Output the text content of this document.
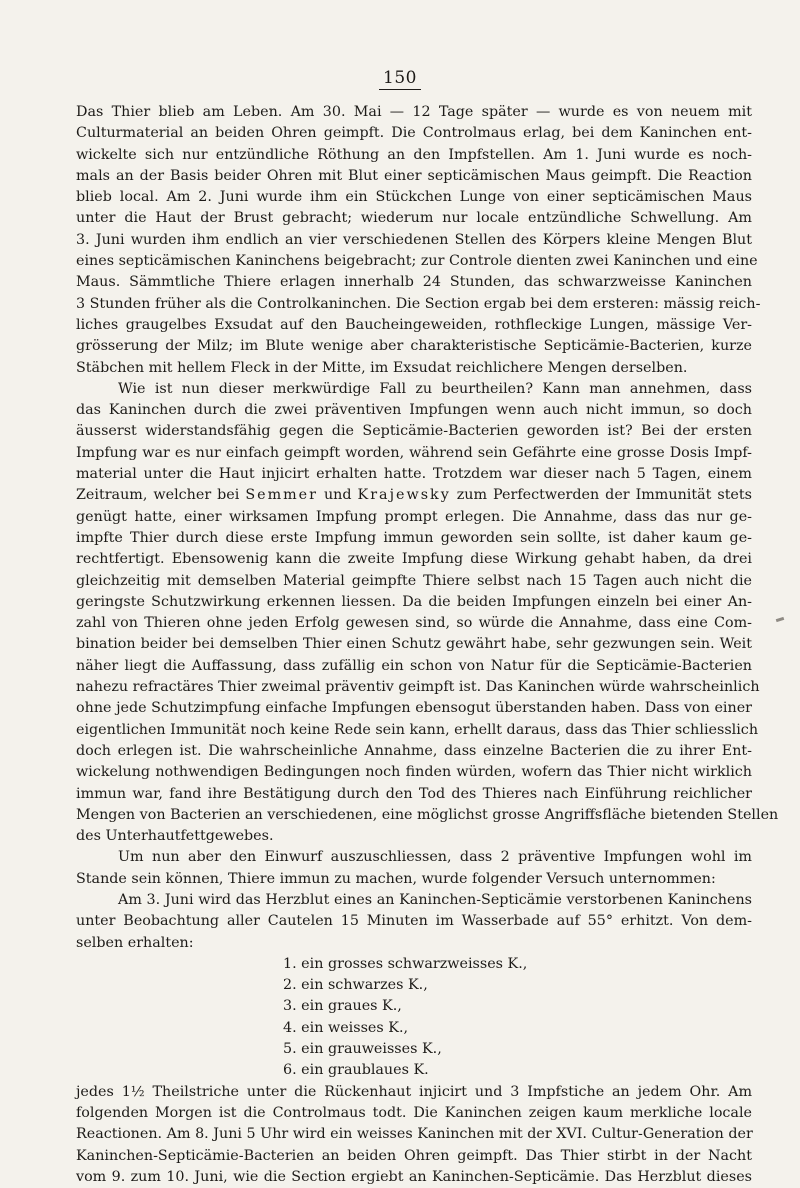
150
Das Thier blieb am Leben. Am 30. Mai — 12 Tage später — wurde es von neuem mit
Culturmaterial an beiden Ohren geimpft. Die Controlmaus erlag, bei dem Kaninchen ent-
wickelte sich nur entzündliche Röthung an den Impfstellen. Am 1. Juni wurde es noch-
mals an der Basis beider Ohren mit Blut einer septicämischen Maus geimpft. Die Reaction
blieb local. Am 2. Juni wurde ihm ein Stückchen Lunge von einer septicämischen Maus
unter die Haut der Brust gebracht; wiederum nur locale entzündliche Schwellung. Am
3. Juni wurden ihm endlich an vier verschiedenen Stellen des Körpers kleine Mengen Blut
eines septicämischen Kaninchens beigebracht; zur Controle dienten zwei Kaninchen und eine
Maus. Sämmtliche Thiere erlagen innerhalb 24 Stunden, das schwarzweisse Kaninchen
3 Stunden früher als die Controlkaninchen. Die Section ergab bei dem ersteren: mässig reich-
liches graugelbes Exsudat auf den Baucheingeweiden, rothfleckige Lungen, mässige Ver-
grösserung der Milz; im Blute wenige aber charakteristische Septicämie-Bacterien, kurze
Stäbchen mit hellem Fleck in der Mitte, im Exsudat reichlichere Mengen derselben.
Wie ist nun dieser merkwürdige Fall zu beurtheilen? Kann man annehmen, dass
das Kaninchen durch die zwei präventiven Impfungen wenn auch nicht immun, so doch
äusserst widerstandsfähig gegen die Septicämie-Bacterien geworden ist? Bei der ersten
Impfung war es nur einfach geimpft worden, während sein Gefährte eine grosse Dosis Impf-
material unter die Haut injicirt erhalten hatte. Trotzdem war dieser nach 5 Tagen, einem
Zeitraum, welcher bei Semmer und Krajewsky zum Perfectwerden der Immunität stets
genügt hatte, einer wirksamen Impfung prompt erlegen. Die Annahme, dass das nur ge-
impfte Thier durch diese erste Impfung immun geworden sein sollte, ist daher kaum ge-
rechtfertigt. Ebensowenig kann die zweite Impfung diese Wirkung gehabt haben, da drei
gleichzeitig mit demselben Material geimpfte Thiere selbst nach 15 Tagen auch nicht die
geringste Schutzwirkung erkennen liessen. Da die beiden Impfungen einzeln bei einer An-
zahl von Thieren ohne jeden Erfolg gewesen sind, so würde die Annahme, dass eine Com-
bination beider bei demselben Thier einen Schutz gewährt habe, sehr gezwungen sein. Weit
näher liegt die Auffassung, dass zufällig ein schon von Natur für die Septicämie-Bacterien
nahezu refractäres Thier zweimal präventiv geimpft ist. Das Kaninchen würde wahrscheinlich
ohne jede Schutzimpfung einfache Impfungen ebensogut überstanden haben. Dass von einer
eigentlichen Immunität noch keine Rede sein kann, erhellt daraus, dass das Thier schliesslich
doch erlegen ist. Die wahrscheinliche Annahme, dass einzelne Bacterien die zu ihrer Ent-
wickelung nothwendigen Bedingungen noch finden würden, wofern das Thier nicht wirklich
immun war, fand ihre Bestätigung durch den Tod des Thieres nach Einführung reichlicher
Mengen von Bacterien an verschiedenen, eine möglichst grosse Angriffsfläche bietenden Stellen
des Unterhautfettgewebes.
Um nun aber den Einwurf auszuschliessen, dass 2 präventive Impfungen wohl im
Stande sein können, Thiere immun zu machen, wurde folgender Versuch unternommen:
Am 3. Juni wird das Herzblut eines an Kaninchen-Septicämie verstorbenen Kaninchens
unter Beobachtung aller Cautelen 15 Minuten im Wasserbade auf 55° erhitzt. Von dem-
selben erhalten:
1. ein grosses schwarzweisses K.,
2. ein schwarzes K.,
3. ein graues K.,
4. ein weisses K.,
5. ein grauweisses K.,
6. ein graublaues K.
jedes 1½ Theilstriche unter die Rückenhaut injicirt und 3 Impfstiche an jedem Ohr. Am
folgenden Morgen ist die Controlmaus todt. Die Kaninchen zeigen kaum merkliche locale
Reactionen. Am 8. Juni 5 Uhr wird ein weisses Kaninchen mit der XVI. Cultur-Generation der
Kaninchen-Septicämie-Bacterien an beiden Ohren geimpft. Das Thier stirbt in der Nacht
vom 9. zum 10. Juni, wie die Section ergiebt an Kaninchen-Septicämie. Das Herzblut dieses
